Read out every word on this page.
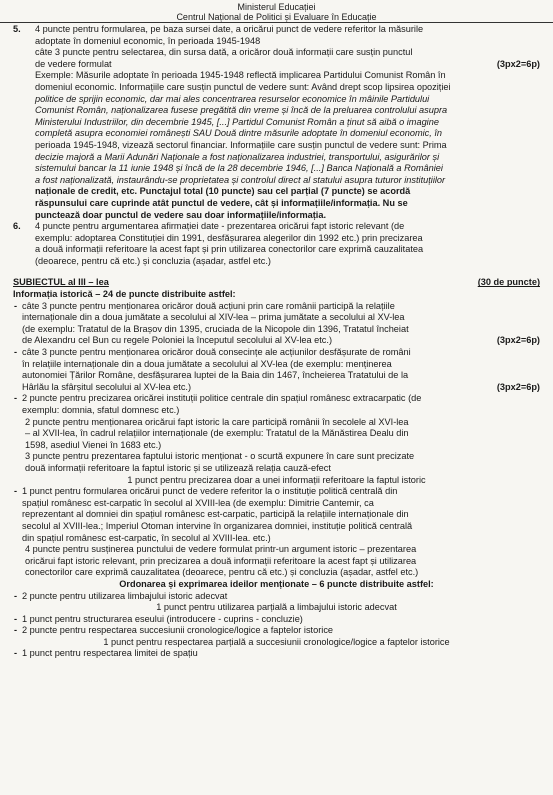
Ministerul Educației
Centrul Național de Politici și Evaluare în Educație
5. 4 puncte pentru formularea, pe baza sursei date, a oricărui punct de vedere referitor la măsurile

adoptate în domeniul economic, în perioada 1945-1948

câte 3 puncte pentru selectarea, din sursa dată, a oricăror două informații care susțin punctul

de vedere formulat	(3px2=6p)

Exemple: Măsurile adoptate în perioada 1945-1948 reflectă implicarea Partidului Comunist Român în

domeniul economic. Informațiile care susțin punctul de vedere sunt: Având drept scop lipsirea opoziției

politice de sprijin economic, dar mai ales concentrarea resurselor economice în mâinile Partidului

Comunist Român, naționalizarea fusese pregătită din vreme și încă de la preluarea controlului asupra

Ministerului Industriilor, din decembrie 1945, [...] Partidul Comunist Român a ținut să aibă o imagine

completă asupra economiei românești SAU Două dintre măsurile adoptate în domeniul economic, în

perioada 1945-1948, vizează sectorul financiar. Informațiile care susțin punctul de vedere sunt: Prima

decizie majoră a Marii Adunări Naționale a fost naționalizarea industriei, transportului, asigurărilor și

sistemului bancar la 11 iunie 1948 și încă de la 28 decembrie 1946, [...] Banca Națională a României

a fost naționalizată, instaurându-se proprietatea și controlul direct al statului asupra tuturor instituțiilor

naționale de credit, etc. Punctajul total (10 puncte) sau cel parțial (7 puncte) se acordă

răspunsului care cuprinde atât punctul de vedere, cât și informațiile/informația. Nu se

punctează doar punctul de vedere sau doar informațiile/informația.

6. 4 puncte pentru argumentarea afirmației date - prezentarea oricărui fapt istoric relevant (de

exemplu: adoptarea Constituției din 1991, desfășurarea alegerilor din 1992 etc.) prin precizarea

a două informații referitoare la acest fapt și prin utilizarea conectorilor care exprimă cauzalitatea

(deoarece, pentru că etc.) și concluzia (așadar, astfel etc.)

SUBIECTUL al III – lea	(30 de puncte)

Informația istorică – 24 de puncte distribuite astfel:

- câte 3 puncte pentru menționarea oricăror două acțiuni prin care românii participă la relațiile

internaționale din a doua jumătate a secolului al XIV-lea – prima jumătate a secolului al XV-lea

(de exemplu: Tratatul de la Brașov din 1395, cruciada de la Nicopole din 1396, Tratatul încheiat

de Alexandru cel Bun cu regele Poloniei la începutul secolului al XV-lea etc.)	(3px2=6p)

- câte 3 puncte pentru menționarea oricăror două consecințe ale acțiunilor desfășurate de români

în relațiile internaționale din a doua jumătate a secolului al XV-lea (de exemplu: menținerea

autonomiei Țărilor Române, desfășurarea luptei de la Baia din 1467, încheierea Tratatului de la

Hârlău la sfârșitul secolului al XV-lea etc.)	(3px2=6p)

- 2 puncte pentru precizarea oricărei instituții politice centrale din spațiul românesc extracarpatic (de

exemplu: domnia, sfatul domnesc etc.)

2 puncte pentru menționarea oricărui fapt istoric la care participă românii în secolele al XVI-lea

– al XVII-lea, în cadrul relațiilor internaționale (de exemplu: Tratatul de la Mănăstirea Dealu din

1598, asediul Vienei în 1683 etc.)

3 puncte pentru prezentarea faptului istoric menționat - o scurtă expunere în care sunt precizate

două informații referitoare la faptul istoric și se utilizează relația cauză-efect

1 punct pentru precizarea doar a unei informații referitoare la faptul istoric

- 1 punct pentru formularea oricărui punct de vedere referitor la o instituție politică centrală din

spațiul românesc est-carpatic în secolul al XVIII-lea (de exemplu: Dimitrie Cantemir, ca

reprezentant al domniei din spațiul românesc est-carpatic, participă la relațiile internaționale din

secolul al XVIII-lea.; Imperiul Otoman intervine în organizarea domniei, instituție politică centrală

din spațiul românesc est-carpatic, în secolul al XVIII-lea. etc.)

4 puncte pentru susținerea punctului de vedere formulat printr-un argument istoric – prezentarea

oricărui fapt istoric relevant, prin precizarea a două informații referitoare la acest fapt și utilizarea

conectorilor care exprimă cauzalitatea (deoarece, pentru că etc.) și concluzia (așadar, astfel etc.)

Ordonarea și exprimarea ideilor menționate – 6 puncte distribuite astfel:

- 2 puncte pentru utilizarea limbajului istoric adecvat

1 punct pentru utilizarea parțială a limbajului istoric adecvat

- 1 punct pentru structurarea eseului (introducere - cuprins - concluzie)

- 2 puncte pentru respectarea succesiunii cronologice/logice a faptelor istorice

1 punct pentru respectarea parțială a succesiunii cronologice/logice a faptelor istorice

- 1 punct pentru respectarea limitei de spațiu
